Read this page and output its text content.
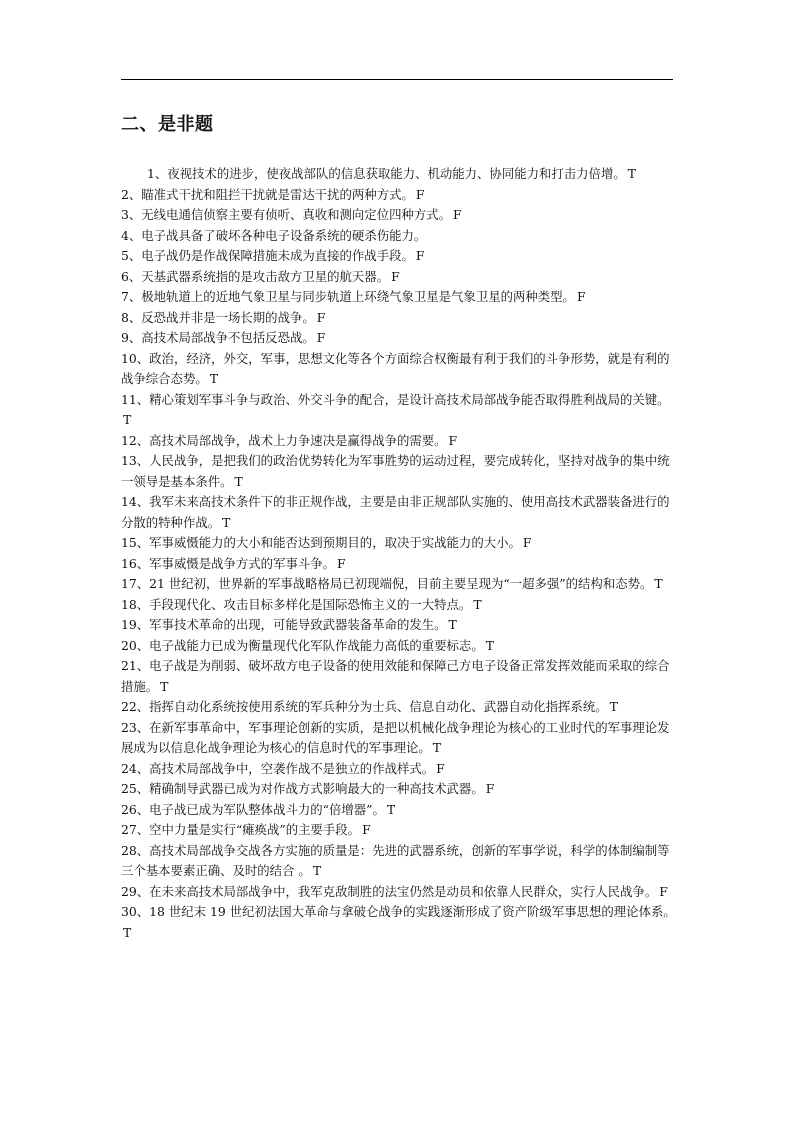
二、是非题
1、夜视技术的进步，使夜战部队的信息获取能力、机动能力、协同能力和打击力倍增。 T
2、瞄准式干扰和阻拦干扰就是雷达干扰的两种方式。 F
3、无线电通信侦察主要有侦听、真收和测向定位四种方式。 F
4、电子战具备了破坏各种电子设备系统的硬杀伤能力。
5、电子战仍是作战保障措施未成为直接的作战手段。 F
6、天基武器系统指的是攻击敌方卫星的航天器。 F
7、极地轨道上的近地气象卫星与同步轨道上环绕气象卫星是气象卫星的两种类型。 F
8、反恐战并非是一场长期的战争。 F
9、高技术局部战争不包括反恐战。 F
10、政治，经济，外交，军事，思想文化等各个方面综合权衡最有利于我们的斗争形势，就是有利的战争综合态势。 T
11、精心策划军事斗争与政治、外交斗争的配合，是设计高技术局部战争能否取得胜利战局的关键。T
12、高技术局部战争，战术上力争速决是赢得战争的需要。 F
13、人民战争，是把我们的政治优势转化为军事胜势的运动过程，要完成转化，坚持对战争的集中统一领导是基本条件。 T
14、我军未来高技术条件下的非正规作战，主要是由非正规部队实施的、使用高技术武器装备进行的分散的特种作战。 T
15、军事威慑能力的大小和能否达到预期目的，取决于实战能力的大小。 F
16、军事威慑是战争方式的军事斗争。 F
17、21 世纪初，世界新的军事战略格局已初现端倪，目前主要呈现为“一超多强”的结构和态势。 T
18、手段现代化、攻击目标多样化是国际恐怖主义的一大特点。 T
19、军事技术革命的出现，可能导致武器装备革命的发生。 T
20、电子战能力已成为衡量现代化军队作战能力高低的重要标志。 T
21、电子战是为削弱、破坏敌方电子设备的使用效能和保障己方电子设备正常发挥效能而采取的综合措施。 T
22、指挥自动化系统按使用系统的军兵种分为士兵、信息自动化、武器自动化指挥系统。 T
23、在新军事革命中，军事理论创新的实质，是把以机械化战争理论为核心的工业时代的军事理论发展成为以信息化战争理论为核心的信息时代的军事理论。 T
24、高技术局部战争中，空袭作战不是独立的作战样式。 F
25、精确制导武器已成为对作战方式影响最大的一种高技术武器。 F
26、电子战已成为军队整体战斗力的“倍增器”。 T
27、空中力量是实行“瘫痪战”的主要手段。 F
28、高技术局部战争交战各方实施的质量是：先进的武器系统，创新的军事学说，科学的体制编制等三个基本要素正确、及时的结合 。 T
29、在未来高技术局部战争中，我军克敌制胜的法宝仍然是动员和依靠人民群众，实行人民战争。 F
30、18 世纪末 19 世纪初法国大革命与拿破仑战争的实践逐渐形成了资产阶级军事思想的理论体系。T
